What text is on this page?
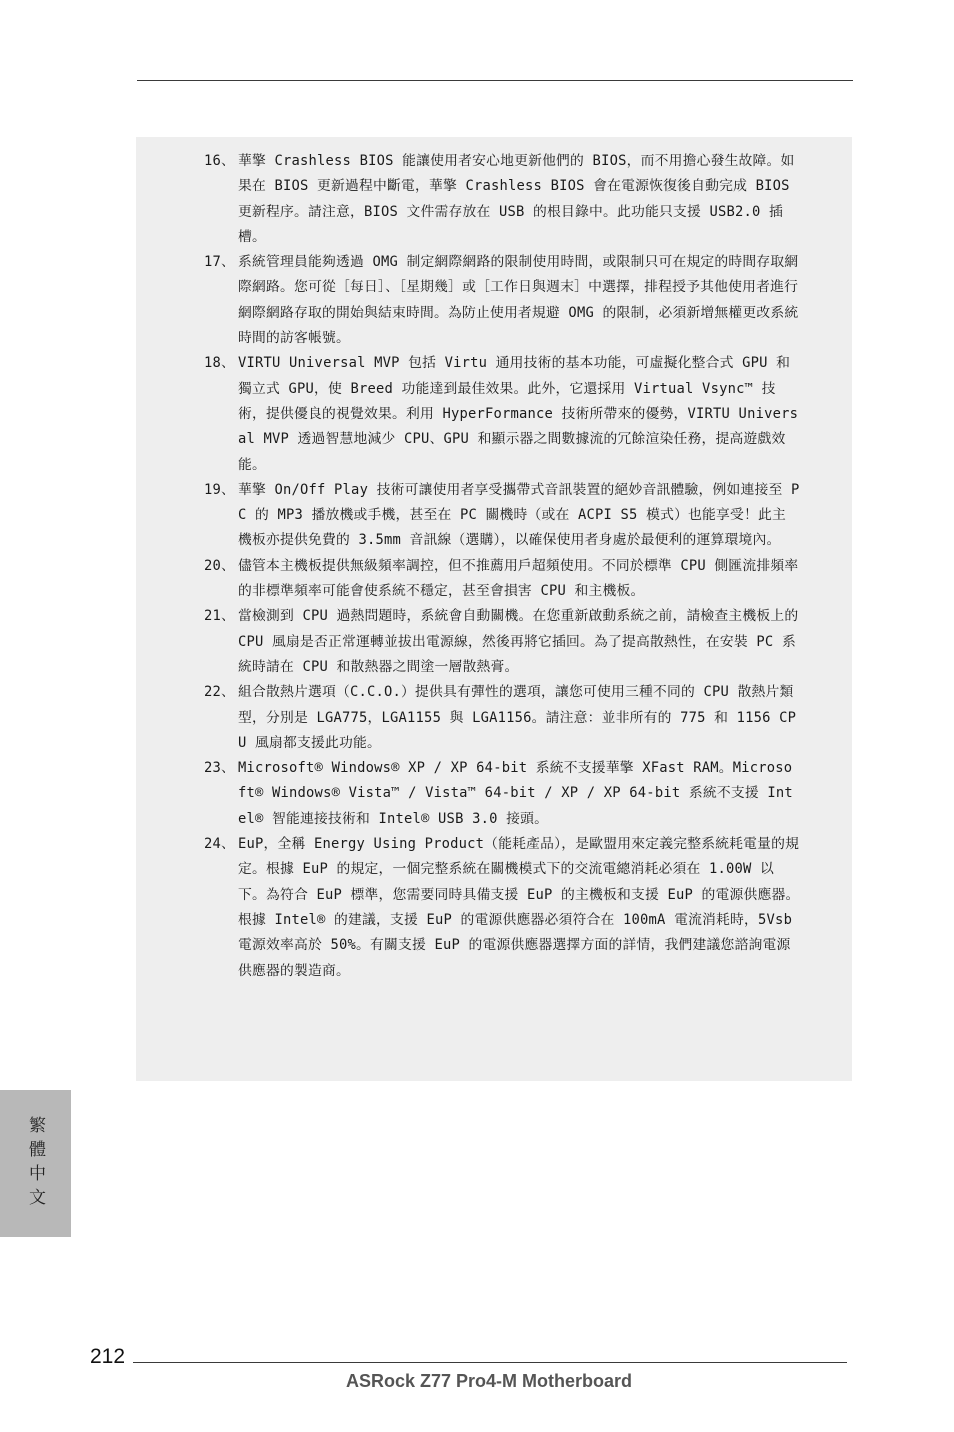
16、 華擎 Crashless BIOS 能讓使用者安心地更新他們的 BIOS，而不用擔心發生故障。如果在 BIOS 更新過程中斷電，華擎 Crashless BIOS 會在電源恢復後自動完成 BIOS 更新程序。請注意，BIOS 文件需存放在 USB 的根目錄中。此功能只支援 USB2.0 插槽。
17、 系統管理員能夠透過 OMG 制定網際網路的限制使用時間，或限制只可在規定的時間存取網際網路。您可從［每日］、［星期幾］或［工作日與週末］中選擇，排程授予其他使用者進行網際網路存取的開始與結束時間。為防止使用者規避 OMG 的限制，必須新增無權更改系統時間的訪客帳號。
18、 VIRTU Universal MVP 包括 Virtu 通用技術的基本功能，可虛擬化整合式 GPU 和獨立式 GPU，使 Breed 功能達到最佳效果。此外，它還採用 Virtual Vsync™ 技術，提供優良的視覺效果。利用 HyperFormance 技術所帶來的優勢，VIRTU Universal MVP 透過智慧地減少 CPU、GPU 和顯示器之間數據流的冗餘渲染任務，提高遊戲效能。
19、 華擎 On/Off Play 技術可讓使用者享受攜帶式音訊裝置的絕妙音訊體驗，例如連接至 PC 的 MP3 播放機或手機，甚至在 PC 關機時（或在 ACPI S5 模式）也能享受！此主機板亦提供免費的 3.5mm 音訊線（選購），以確保使用者身處於最便利的運算環境內。
20、 儘管本主機板提供無級頻率調控，但不推薦用戶超頻使用。不同於標準 CPU 側匯流排頻率的非標準頻率可能會使系統不穩定，甚至會損害 CPU 和主機板。
21、 當檢測到 CPU 過熱問題時，系統會自動關機。在您重新啟動系統之前，請檢查主機板上的 CPU 風扇是否正常運轉並拔出電源線，然後再將它插回。為了提高散熱性，在安裝 PC 系統時請在 CPU 和散熱器之間塗一層散熱膏。
22、 組合散熱片選項（C.C.O.）提供具有彈性的選項，讓您可使用三種不同的 CPU 散熱片類型，分別是 LGA775，LGA1155 與 LGA1156。請注意：並非所有的 775 和 1156 CPU 風扇都支援此功能。
23、 Microsoft® Windows® XP / XP 64-bit 系統不支援華擎 XFast RAM。Microsoft® Windows® Vista™ / Vista™ 64-bit / XP / XP 64-bit 系統不支援 Intel® 智能連接技術和 Intel® USB 3.0 接頭。
24、 EuP，全稱 Energy Using Product（能耗產品），是歐盟用來定義完整系統耗電量的規定。根據 EuP 的規定，一個完整系統在關機模式下的交流電總消耗必須在 1.00W 以下。為符合 EuP 標準，您需要同時具備支援 EuP 的主機板和支援 EuP 的電源供應器。根據 Intel® 的建議，支援 EuP 的電源供應器必須符合在 100mA 電流消耗時，5Vsb 電源效率高於 50%。有關支援 EuP 的電源供應器選擇方面的詳情，我們建議您諮詢電源供應器的製造商。
繁體中文
212
ASRock Z77 Pro4-M Motherboard
